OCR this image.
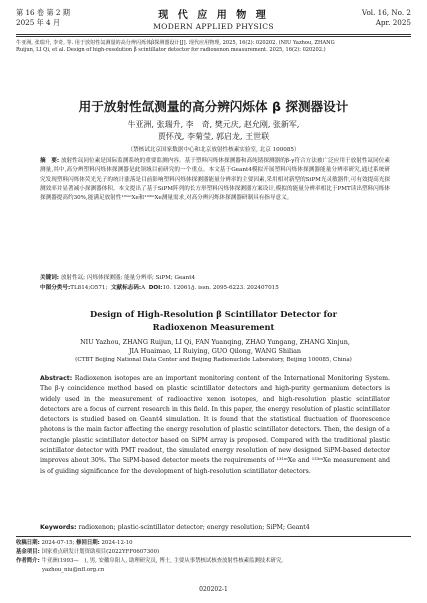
第 16 卷 第 2 期
2025 年 4 月
现 代 应 用 物 理
MODERN APPLIED PHYSICS
Vol. 16, No. 2
Apr. 2025
牛亚洲, 张瑞升, 李奇, 等. 用于放射性氙测量的高分辨闪烁体β探测器设计[J]. 现代应用物理, 2025, 16(2): 020202. (NIU Yazhou, ZHANG
Ruijun, LI Qi, et al. Design of high-resolution β scintillator detector for radioxenon measurement. 2025, 16(2): 020202.)
用于放射性氙测量的高分辨闪烁体 β 探测器设计
牛亚洲, 张瑞升, 李　奇, 樊元庆, 赵允刚, 张新军,
贾怀茂, 李菊莹, 郭启龙, 王世联
（禁核试北京国家数据中心和北京放射性核素实验室, 北京 100085）
摘　要: 放射性氙同位素是国际监测系统的重要监测内容。基于塑料闪烁体探测器和高纯锗探测器的β-γ符合方法被广泛应用于放射性氙同位素测量,其中,高分辨塑料闪烁体探测器是此领域目前研究的一个重点。本文基于Geant4模拟开展塑料闪烁体探测器能量分辨率研究,通过系统研究发现塑料闪烁体荧光光子的统计涨落是目前影响塑料闪烁体探测器能量分辨率的主要因素,采用相对新型的SiPM光灵敏器件,可有效提高光探测效率并显著减小探测器体积。本文提出了基于SiPM阵列的长方形塑料闪烁体探测器方案设计,模拟的能量分辨率相比于PMT读出塑料闪烁体探测器提高约30%,能满足放射性¹³¹ᵐXe和¹³³ᵐXe测量需求,对高分辨闪烁体探测器研制具有指导意义。
关键词: 放射性氙; 闪烁体探测器; 能量分辨率; SiPM; Geant4
中图分类号:TL814;O571;  文献标志码:A DOI:10. 12061/j. issn. 2095-6223. 202407015
Design of High-Resolution β Scintillator Detector for
Radioxenon Measurement
NIU Yazhou, ZHANG Ruijun, LI Qi, FAN Yuanqing, ZHAO Yungang, ZHANG Xinjun,
JIA Huaimao, LI Ruiying, GUO Qilong, WANG Shilian
(CTBT Beijing National Data Center and Beijing Radionuclide Laboratory, Beijing 100085, China)
Abstract: Radioxenon isotopes are an important monitoring content of the International Monitoring System. The β-γ coincidence method based on plastic scintillator detectors and high-purity germanium detectors is widely used in the measurement of radioactive xenon isotopes, and high-resolution plastic scintillator detectors are a focus of current research in this field. In this paper, the energy resolution of plastic scintillator detectors is studied based on Geant4 simulation. It is found that the statistical fluctuation of fluorescence photons is the main factor affecting the energy resolution of plastic scintillator detectors. Then, the design of a rectangle plastic scintillator detector based on SiPM array is proposed. Compared with the traditional plastic scintillator detector with PMT readout, the simulated energy resolution of new designed SiPM-based detector improves about 30%. The SiPM-based detector meets the requirements of ¹³¹ᵐXe and ¹³³ᵐXe measurement and is of guiding significance for the development of high-resolution scintillator detectors.
Keywords: radioxenon; plastic-scintillator detector; energy resolution; SiPM; Geant4
收稿日期: 2024-07-15; 修回日期: 2024-12-10
基金项目: 国家重点研发计划资助项目(2022YFF0607300)
作者简介: 牛亚洲(1993—　), 男, 安徽阜阳人, 助理研究员, 博士, 主要从事禁核试核查放射性核素监测技术研究。
yazhou_niu@nfl.org.cn
020202-1
